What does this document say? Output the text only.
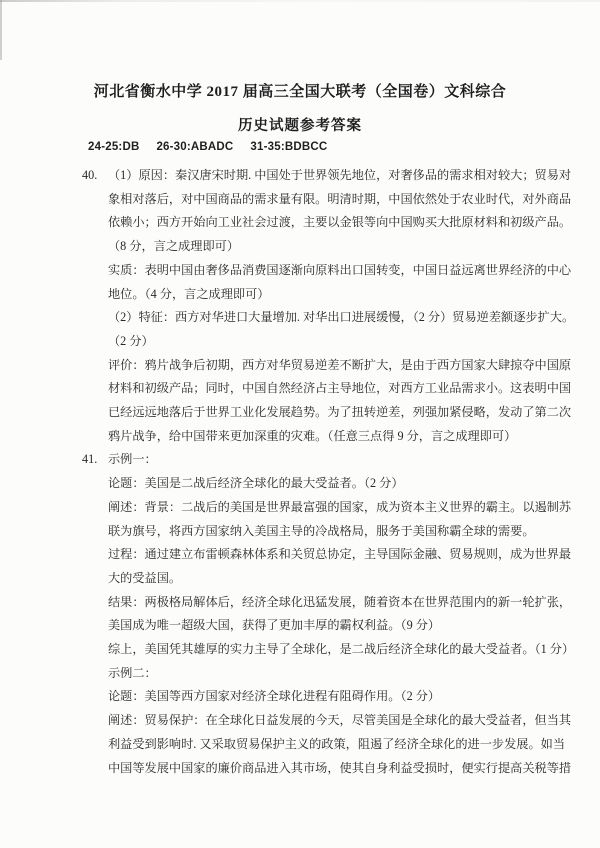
河北省衡水中学 2017 届高三全国大联考（全国卷）文科综合
历史试题参考答案
24-25:DB 26-30:ABADC 31-35:BDBCC
40. （1）原因：秦汉唐宋时期. 中国处于世界领先地位，对奢侈品的需求相对较大；贸易对
象相对落后，对中国商品的需求量有限。明清时期，中国依然处于农业时代，对外商品
依赖小；西方开始向工业社会过渡，主要以金银等向中国购买大批原材料和初级产品。
（8 分，言之成理即可）
实质：表明中国由奢侈品消费国逐渐向原料出口国转变，中国日益远离世界经济的中心
地位。（4 分，言之成理即可）
（2）特征：西方对华进口大量增加. 对华出口进展缓慢，（2 分）贸易逆差额逐步扩大。
（2 分）
评价：鸦片战争后初期，西方对华贸易逆差不断扩大，是由于西方国家大肆掠夺中国原
材料和初级产品；同时，中国自然经济占主导地位，对西方工业品需求小。这表明中国
已经远远地落后于世界工业化发展趋势。为了扭转逆差，列强加紧侵略，发动了第二次
鸦片战争，给中国带来更加深重的灾难。（任意三点得 9 分，言之成理即可）
41. 示例一：
论题：美国是二战后经济全球化的最大受益者。（2 分）
阐述：背景：二战后的美国是世界最富强的国家，成为资本主义世界的霸主。以遏制苏
联为旗号，将西方国家纳入美国主导的冷战格局，服务于美国称霸全球的需要。
过程：通过建立布雷顿森林体系和关贸总协定，主导国际金融、贸易规则，成为世界最
大的受益国。
结果：两极格局解体后，经济全球化迅猛发展，随着资本在世界范围内的新一轮扩张，
美国成为唯一超级大国，获得了更加丰厚的霸权利益。（9 分）
综上，美国凭其雄厚的实力主导了全球化，是二战后经济全球化的最大受益者。（1 分）
示例二：
论题：美国等西方国家对经济全球化进程有阻碍作用。（2 分）
阐述：贸易保护：在全球化日益发展的今天，尽管美国是全球化的最大受益者，但当其
利益受到影响时. 又采取贸易保护主义的政策，阻遏了经济全球化的进一步发展。如当
中国等发展中国家的廉价商品进入其市场，使其自身利益受损时，便实行提高关税等措
